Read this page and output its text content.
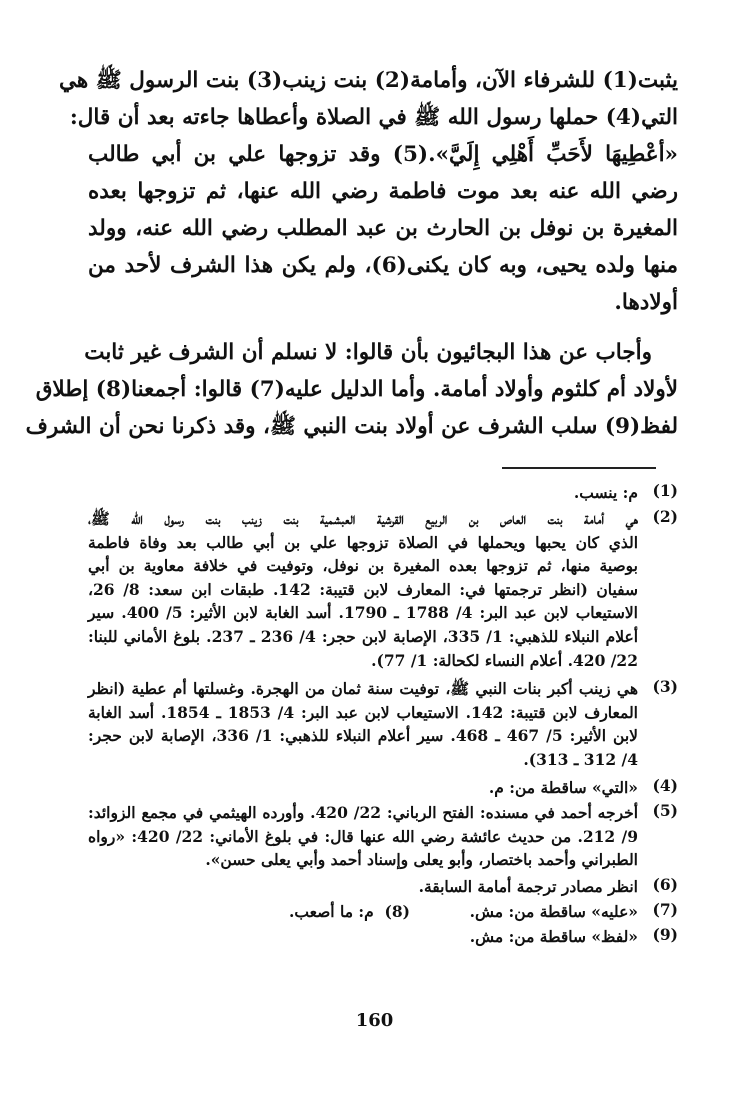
يثبت(1) للشرفاء الآن، وأمامة(2) بنت زينب(3) بنت الرسول ﷺ هي
التي(4) حملها رسول الله ﷺ في الصلاة وأعطاها جاءته بعد أن قال:
«أعْطِيهَا لأَحَبِّ أَهْلِي إِلَيَّ».(5) وقد تزوجها علي بن أبي طالب
رضي الله عنه بعد موت فاطمة رضي الله عنها، ثم تزوجها بعده
المغيرة بن نوفل بن الحارث بن عبد المطلب رضي الله عنه، وولد
منها ولده يحيى، وبه كان يكنى(6)، ولم يكن هذا الشرف لأحد من
أولادها.
وأجاب عن هذا البجائيون بأن قالوا: لا نسلم أن الشرف غير ثابت
لأولاد أم كلثوم وأولاد أمامة. وأما الدليل عليه(7) قالوا: أجمعنا(8) إطلاق
لفظ(9) سلب الشرف عن أولاد بنت النبي ﷺ، وقد ذكرنا نحن أن الشرف
( 1 )
م: ينسب.
( 2 )
هي أمامة بنت العاص بن الربيع القرشية العبشمية بنت زينب بنت رسول الله ﷺ،
الذي كان يحبها ويحملها في الصلاة تزوجها علي بن أبي طالب بعد وفاة فاطمة
بوصية منها، ثم تزوجها بعده المغيرة بن نوفل، وتوفيت في خلافة معاوية بن أبي
سفيان (انظر ترجمتها في: المعارف لابن قتيبة: 142. طبقات ابن سعد: 8/ 26،
الاستيعاب لابن عبد البر: 4/ 1788 ـ 1790. أسد الغابة لابن الأثير: 5/ 400. سير
أعلام النبلاء للذهبي: 1/ 335، الإصابة لابن حجر: 4/ 236 ـ 237. بلوغ الأماني للبنا:
22/ 420. أعلام النساء لكحالة: 1/ 77).
( 3 )
هي زينب أكبر بنات النبي ﷺ، توفيت سنة ثمان من الهجرة. وغسلتها أم عطية (انظر
المعارف لابن قتيبة: 142. الاستيعاب لابن عبد البر: 4/ 1853 ـ 1854. أسد الغابة
لابن الأثير: 5/ 467 ـ 468. سير أعلام النبلاء للذهبي: 1/ 336، الإصابة لابن حجر:
4/ 312 ـ 313).
( 4 )
«التي» ساقطة من: م.
( 5 )
أخرجه أحمد في مسنده: الفتح الرباني: 22/ 420. وأورده الهيثمي في مجمع الزوائد:
9/ 212. من حديث عائشة رضي الله عنها قال: في بلوغ الأماني: 22/ 420: «رواه
الطبراني وأحمد باختصار، وأبو يعلى وإسناد أحمد وأبي يعلى حسن».
( 6 )
انظر مصادر ترجمة أمامة السابقة.
( 7 )
«عليه» ساقطة من: مش.
(8)  م: ما أصعب.
( 9 )
«لفظ» ساقطة من: مش.
160
